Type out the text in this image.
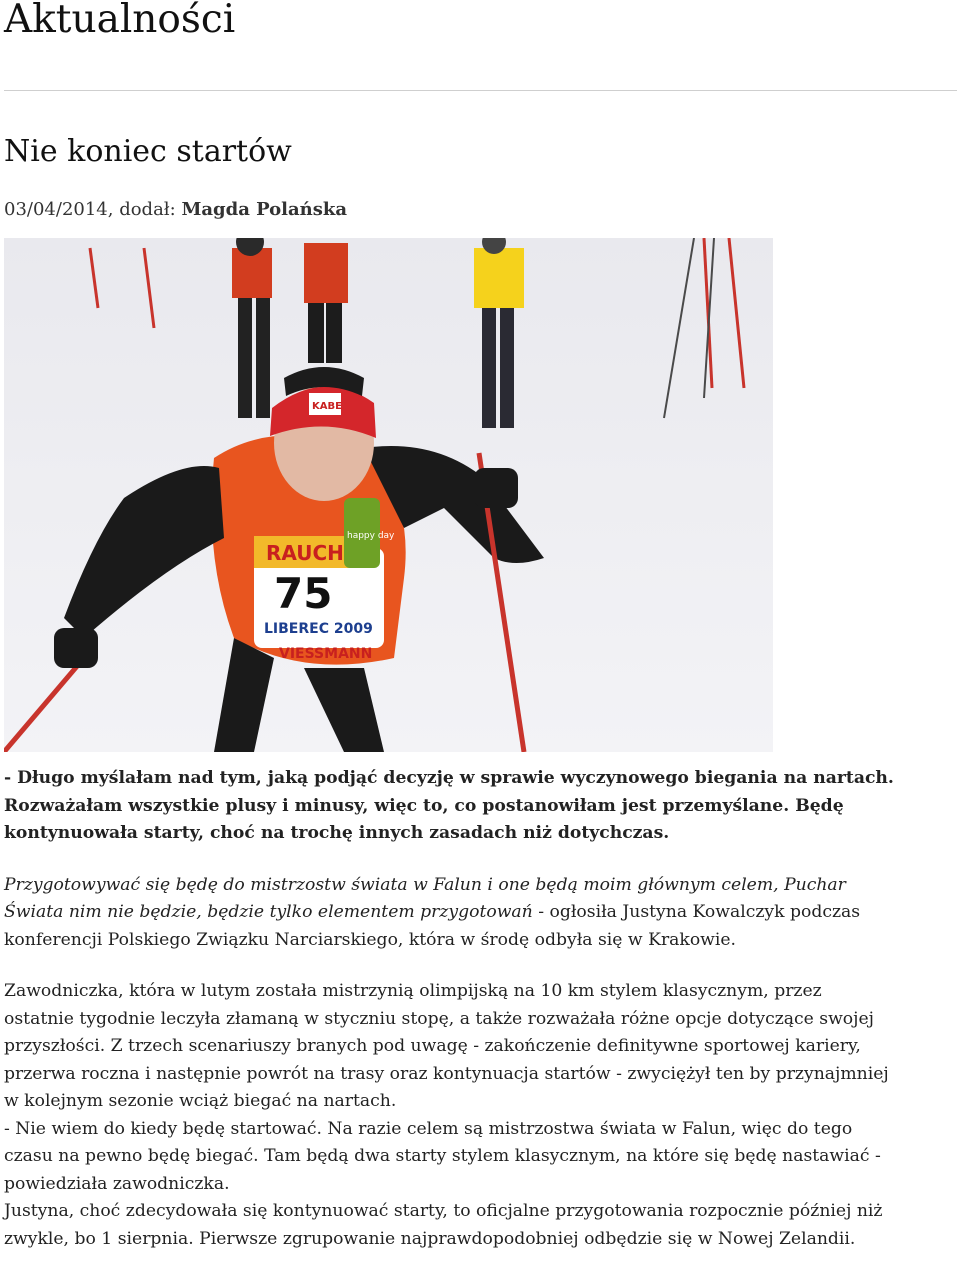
Aktualności
Nie koniec startów
03/04/2014, dodał: Magda Polańska
75
RAUCH
LIBEREC 2009
VIESSMANN
happy day
KABE

- Długo myślałam nad tym, jaką podjąć decyzję w sprawie wyczynowego biegania na nartach.
Rozważałam wszystkie plusy i minusy, więc to, co postanowiłam jest przemyślane. Będę
kontynuowała starty, choć na trochę innych zasadach niż dotychczas.

Przygotowywać się będę do mistrzostw świata w Falun i one będą moim głównym celem, Puchar
Świata nim nie będzie, będzie tylko elementem przygotowań - ogłosiła Justyna Kowalczyk podczas
konferencji Polskiego Związku Narciarskiego, która w środę odbyła się w Krakowie.

Zawodniczka, która w lutym została mistrzynią olimpijską na 10 km stylem klasycznym, przez
ostatnie tygodnie leczyła złamaną w styczniu stopę, a także rozważała różne opcje dotyczące swojej
przyszłości. Z trzech scenariuszy branych pod uwagę - zakończenie definitywne sportowej kariery,
przerwa roczna i następnie powrót na trasy oraz kontynuacja startów - zwyciężył ten by przynajmniej
w kolejnym sezonie wciąż biegać na nartach.
- Nie wiem do kiedy będę startować. Na razie celem są mistrzostwa świata w Falun, więc do tego
czasu na pewno będę biegać. Tam będą dwa starty stylem klasycznym, na które się będę nastawiać -
powiedziała zawodniczka.
Justyna, choć zdecydowała się kontynuować starty, to oficjalne przygotowania rozpocznie później niż
zwykle, bo 1 sierpnia. Pierwsze zgrupowanie najprawdopodobniej odbędzie się w Nowej Zelandii.
